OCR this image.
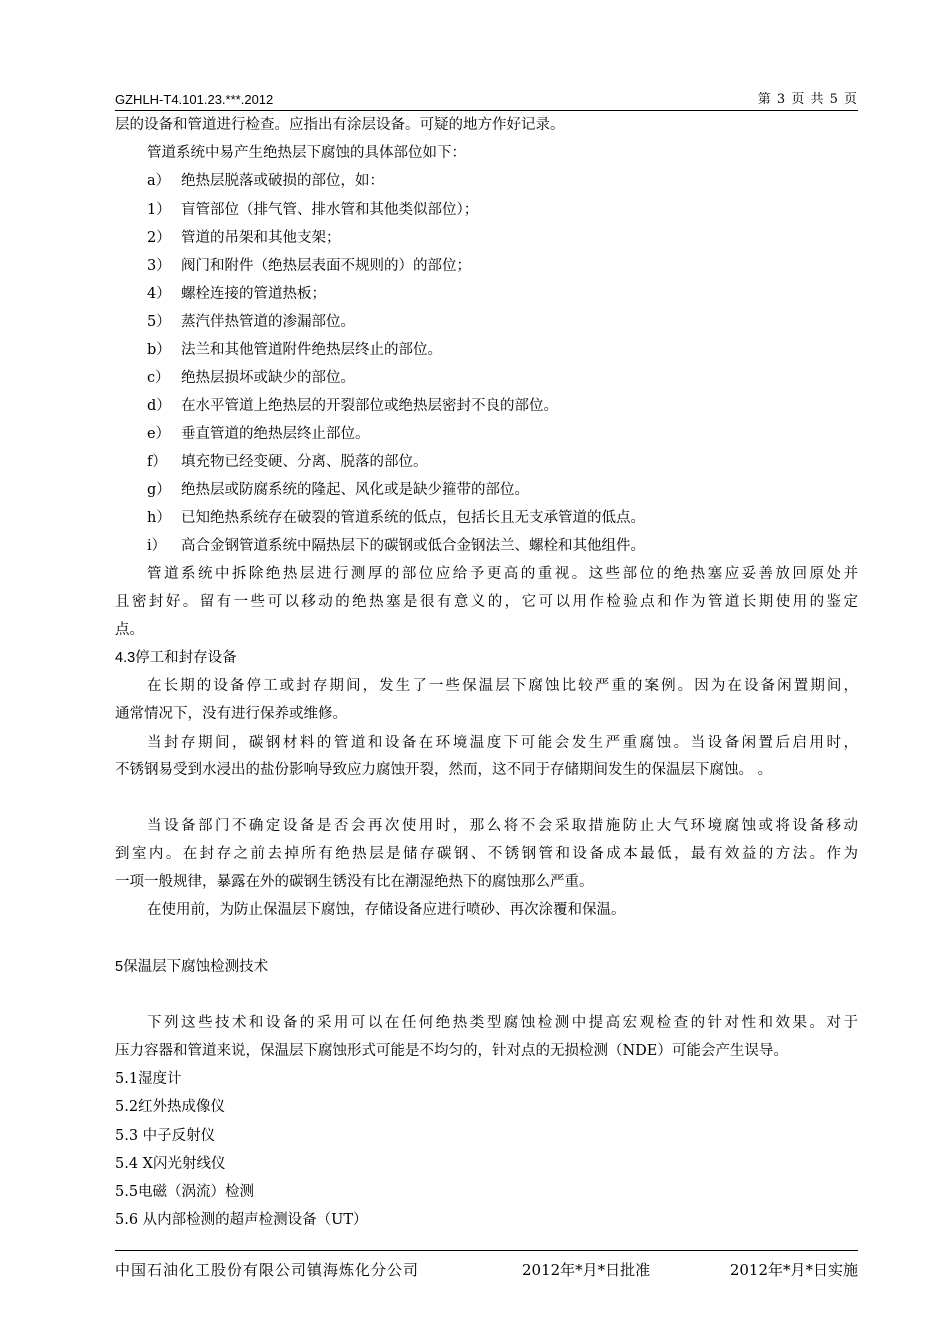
GZHLH-T4.101.23.***.2012	第 3 页 共 5 页
层的设备和管道进行检查。应指出有涂层设备。可疑的地方作好记录。
管道系统中易产生绝热层下腐蚀的具体部位如下：
a） 绝热层脱落或破损的部位，如：
1） 盲管部位（排气管、排水管和其他类似部位）；
2） 管道的吊架和其他支架；
3） 阀门和附件（绝热层表面不规则的）的部位；
4） 螺栓连接的管道热板；
5） 蒸汽伴热管道的渗漏部位。
b） 法兰和其他管道附件绝热层终止的部位。
c） 绝热层损坏或缺少的部位。
d） 在水平管道上绝热层的开裂部位或绝热层密封不良的部位。
e） 垂直管道的绝热层终止部位。
f） 填充物已经变硬、分离、脱落的部位。
g） 绝热层或防腐系统的隆起、风化或是缺少箍带的部位。
h） 已知绝热系统存在破裂的管道系统的低点，包括长且无支承管道的低点。
i） 高合金钢管道系统中隔热层下的碳钢或低合金钢法兰、螺栓和其他组件。
管道系统中拆除绝热层进行测厚的部位应给予更高的重视。这些部位的绝热塞应妥善放回原处并
且密封好。留有一些可以移动的绝热塞是很有意义的，它可以用作检验点和作为管道长期使用的鉴定
点。
4.3停工和封存设备
在长期的设备停工或封存期间，发生了一些保温层下腐蚀比较严重的案例。因为在设备闲置期间，
通常情况下，没有进行保养或维修。
当封存期间，碳钢材料的管道和设备在环境温度下可能会发生严重腐蚀。当设备闲置后启用时，
不锈钢易受到水浸出的盐份影响导致应力腐蚀开裂，然而，这不同于存储期间发生的保温层下腐蚀。 。
当设备部门不确定设备是否会再次使用时，那么将不会采取措施防止大气环境腐蚀或将设备移动
到室内。在封存之前去掉所有绝热层是储存碳钢、不锈钢管和设备成本最低，最有效益的方法。作为
一项一般规律，暴露在外的碳钢生锈没有比在潮湿绝热下的腐蚀那么严重。
在使用前，为防止保温层下腐蚀，存储设备应进行喷砂、再次涂覆和保温。
5保温层下腐蚀检测技术
下列这些技术和设备的采用可以在任何绝热类型腐蚀检测中提高宏观检查的针对性和效果。对于
压力容器和管道来说，保温层下腐蚀形式可能是不均匀的，针对点的无损检测（NDE）可能会产生误导。
5.1湿度计
5.2红外热成像仪
5.3 中子反射仪
5.4 X闪光射线仪
5.5电磁（涡流）检测
5.6 从内部检测的超声检测设备（UT）
中国石油化工股份有限公司镇海炼化分公司	2012年*月*日批准	2012年*月*日实施
